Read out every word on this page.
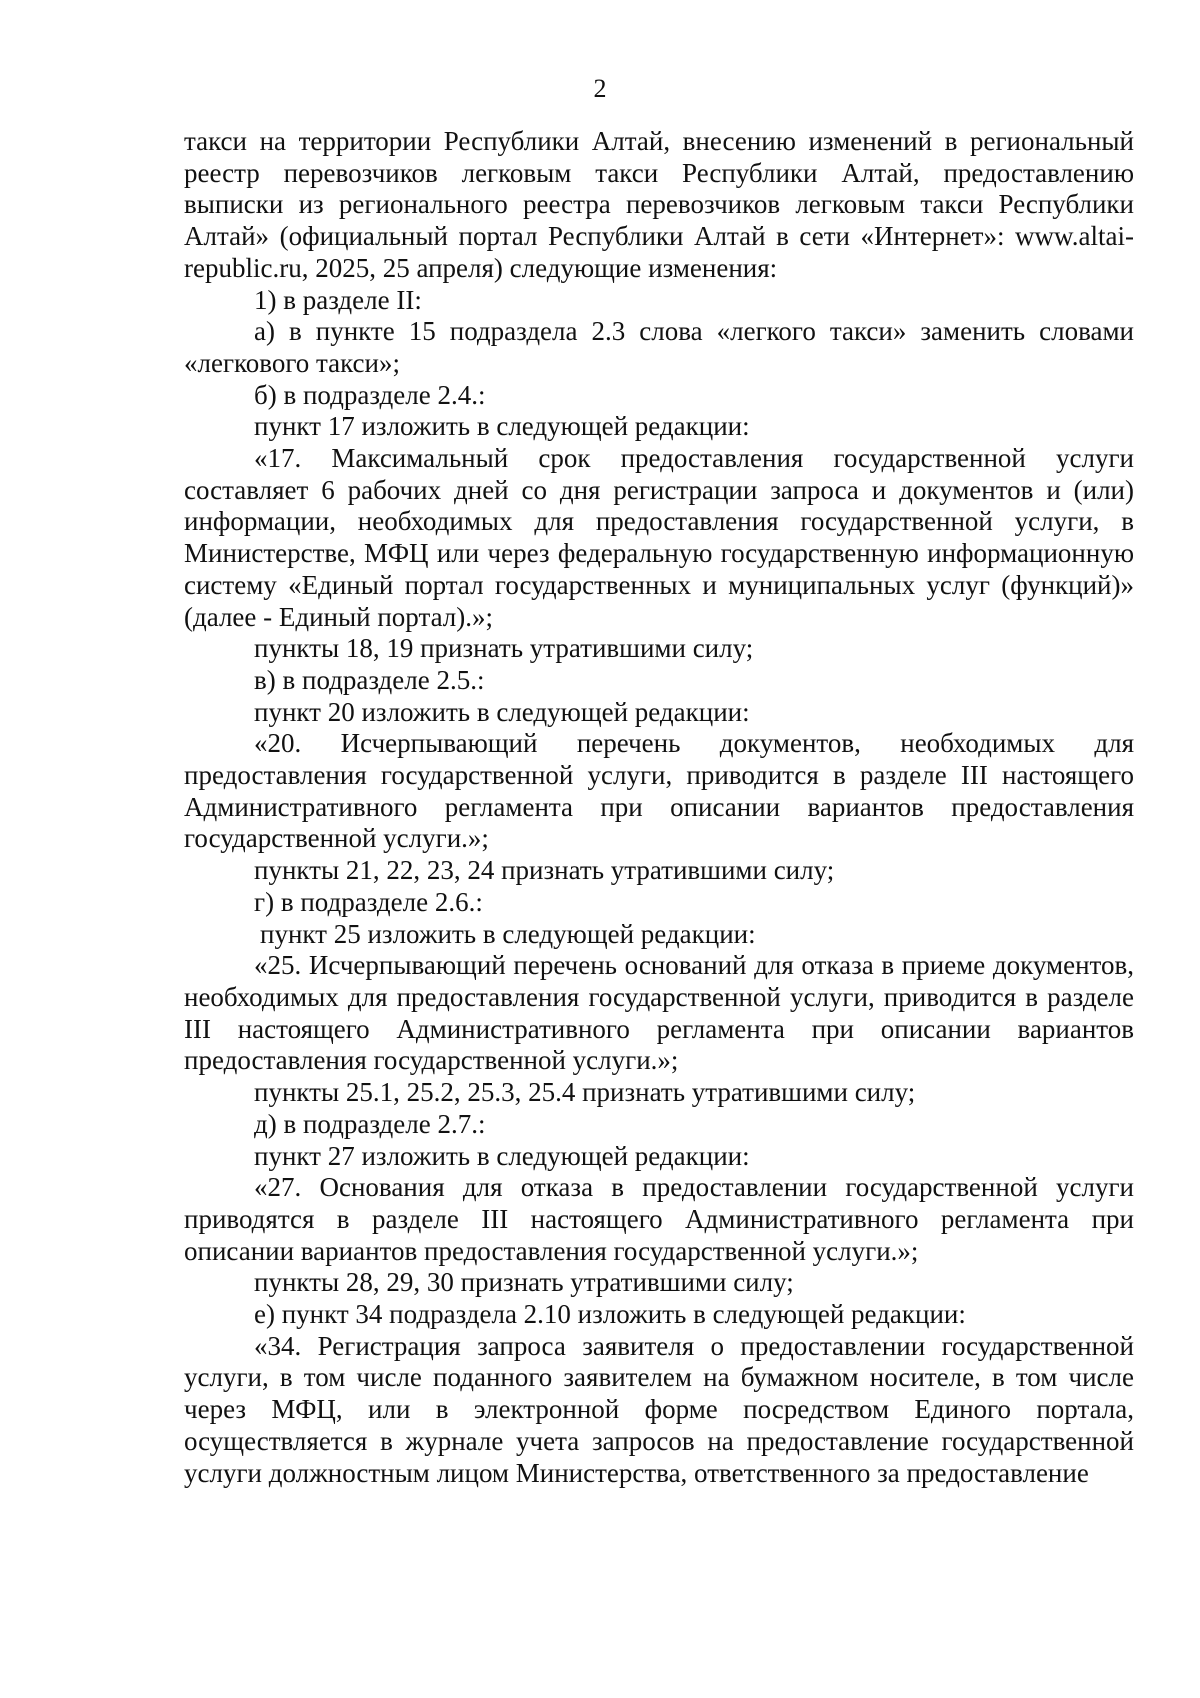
2

такси на территории Республики Алтай, внесению изменений в региональный реестр перевозчиков легковым такси Республики Алтай, предоставлению выписки из регионального реестра перевозчиков легковым такси Республики Алтай» (официальный портал Республики Алтай в сети «Интернет»: www.altai-republic.ru, 2025, 25 апреля) следующие изменения:

1) в разделе II:

а) в пункте 15 подраздела 2.3 слова «легкого такси» заменить словами «легкового такси»;

б) в подразделе 2.4.:

пункт 17 изложить в следующей редакции:

«17. Максимальный срок предоставления государственной услуги составляет 6 рабочих дней со дня регистрации запроса и документов и (или) информации, необходимых для предоставления государственной услуги, в Министерстве, МФЦ или через федеральную государственную информационную систему «Единый портал государственных и муниципальных услуг (функций)» (далее - Единый портал).»;

пункты 18, 19 признать утратившими силу;

в) в подразделе 2.5.:

пункт 20 изложить в следующей редакции:

«20. Исчерпывающий перечень документов, необходимых для предоставления государственной услуги, приводится в разделе III настоящего Административного регламента при описании вариантов предоставления государственной услуги.»;

пункты 21, 22, 23, 24 признать утратившими силу;

г) в подразделе 2.6.:

пункт 25 изложить в следующей редакции:

«25. Исчерпывающий перечень оснований для отказа в приеме документов, необходимых для предоставления государственной услуги, приводится в разделе III настоящего Административного регламента при описании вариантов предоставления государственной услуги.»;

пункты 25.1, 25.2, 25.3, 25.4 признать утратившими силу;

д) в подразделе 2.7.:

пункт 27 изложить в следующей редакции:

«27. Основания для отказа в предоставлении государственной услуги приводятся в разделе III настоящего Административного регламента при описании вариантов предоставления государственной услуги.»;

пункты 28, 29, 30 признать утратившими силу;

е) пункт 34 подраздела 2.10 изложить в следующей редакции:

«34. Регистрация запроса заявителя о предоставлении государственной услуги, в том числе поданного заявителем на бумажном носителе, в том числе через МФЦ, или в электронной форме посредством Единого портала, осуществляется в журнале учета запросов на предоставление государственной услуги должностным лицом Министерства, ответственного за предоставление
